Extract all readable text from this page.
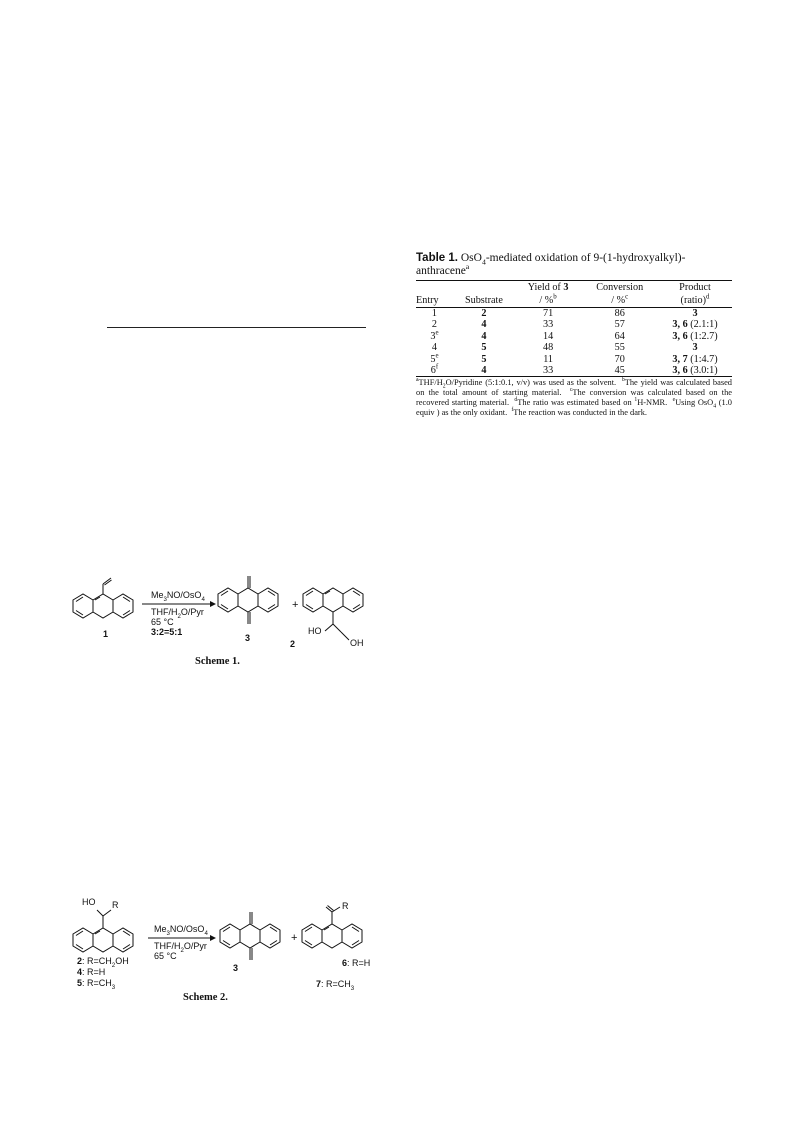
$Me_3NO/OsO_4$
THF/$H_2O$/Pyr
65 °C
3:2=5:1
1	3
+
2
HO
OH
Scheme 1.
HO R	R
$Me_3NO/OsO_4$
THF/$H_2O$/Pyr
65 °C
3
+
2: $R=CH_2OH$
4: R=H
5: $R=CH_3$
6: R=H
7: $R=CH_3$
Scheme 2.
Table 1. OsO$_4$-mediated oxidation of 9-(1-hydroxyalkyl)-anthracene$^a$
		Yield of 3	Conversion	Product
Entry	Substrate	/ %$^b$	/ %$^c$	(ratio)$^d$
1	2	71	86	3
2	4	33	57	3, 6 (2.1:1)
3e	4	14	64	3, 6 (1:2.7)
4	5	48	55	3
5e	5	11	70	3, 7 (1:4.7)
6$^f$	4	33	45	3, 6 (3.0:1)
$^aTHF/H_2O$/Pyridine (5:1:0.1, v/v) was used as the solvent.  $^b$The yield was calculated based on the total amount of starting material.  $^c$The conversion was calculated based on the recovered starting material.  $^d$The ratio was estimated based on $^1$H-NMR.  $^e$Using OsO$_4$ (1.0 equiv ) as the only oxidant.  $^f$The reaction was conducted in the dark.
